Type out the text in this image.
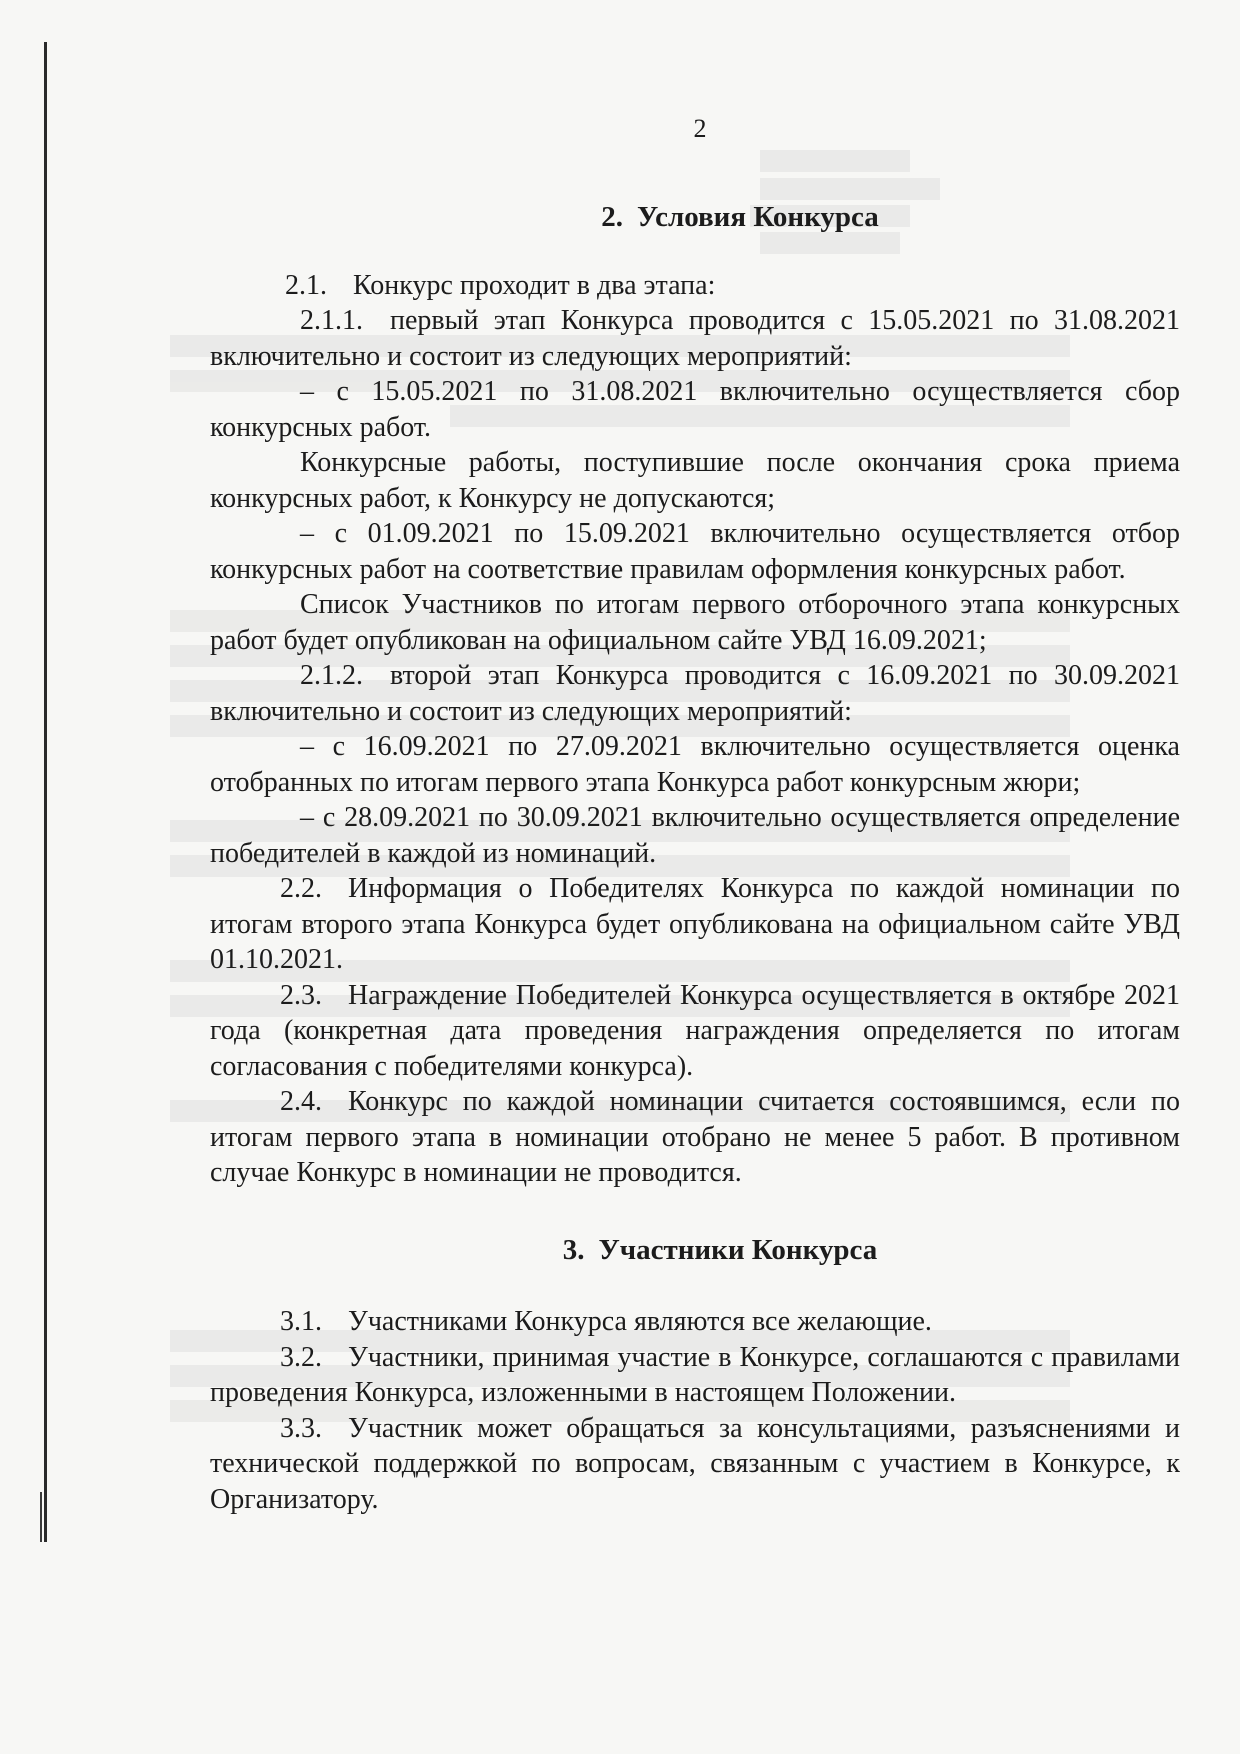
2
2. Условия Конкурса

2.1. Конкурс проходит в два этапа:

2.1.1. первый этап Конкурса проводится с 15.05.2021 по 31.08.2021 включительно и состоит из следующих мероприятий:

– с 15.05.2021 по 31.08.2021 включительно осуществляется сбор конкурсных работ.

Конкурсные работы, поступившие после окончания срока приема конкурсных работ, к Конкурсу не допускаются;

– с 01.09.2021 по 15.09.2021 включительно осуществляется отбор конкурсных работ на соответствие правилам оформления конкурсных работ.

Список Участников по итогам первого отборочного этапа конкурсных работ будет опубликован на официальном сайте УВД 16.09.2021;

2.1.2. второй этап Конкурса проводится с 16.09.2021 по 30.09.2021 включительно и состоит из следующих мероприятий:

– с 16.09.2021 по 27.09.2021 включительно осуществляется оценка отобранных по итогам первого этапа Конкурса работ конкурсным жюри;

– с 28.09.2021 по 30.09.2021 включительно осуществляется определение победителей в каждой из номинаций.

2.2. Информация о Победителях Конкурса по каждой номинации по итогам второго этапа Конкурса будет опубликована на официальном сайте УВД 01.10.2021.

2.3. Награждение Победителей Конкурса осуществляется в октябре 2021 года (конкретная дата проведения награждения определяется по итогам согласования с победителями конкурса).

2.4. Конкурс по каждой номинации считается состоявшимся, если по итогам первого этапа в номинации отобрано не менее 5 работ. В противном случае Конкурс в номинации не проводится.

3. Участники Конкурса

3.1. Участниками Конкурса являются все желающие.

3.2. Участники, принимая участие в Конкурсе, соглашаются с правилами проведения Конкурса, изложенными в настоящем Положении.

3.3. Участник может обращаться за консультациями, разъяснениями и технической поддержкой по вопросам, связанным с участием в Конкурсе, к Организатору.
